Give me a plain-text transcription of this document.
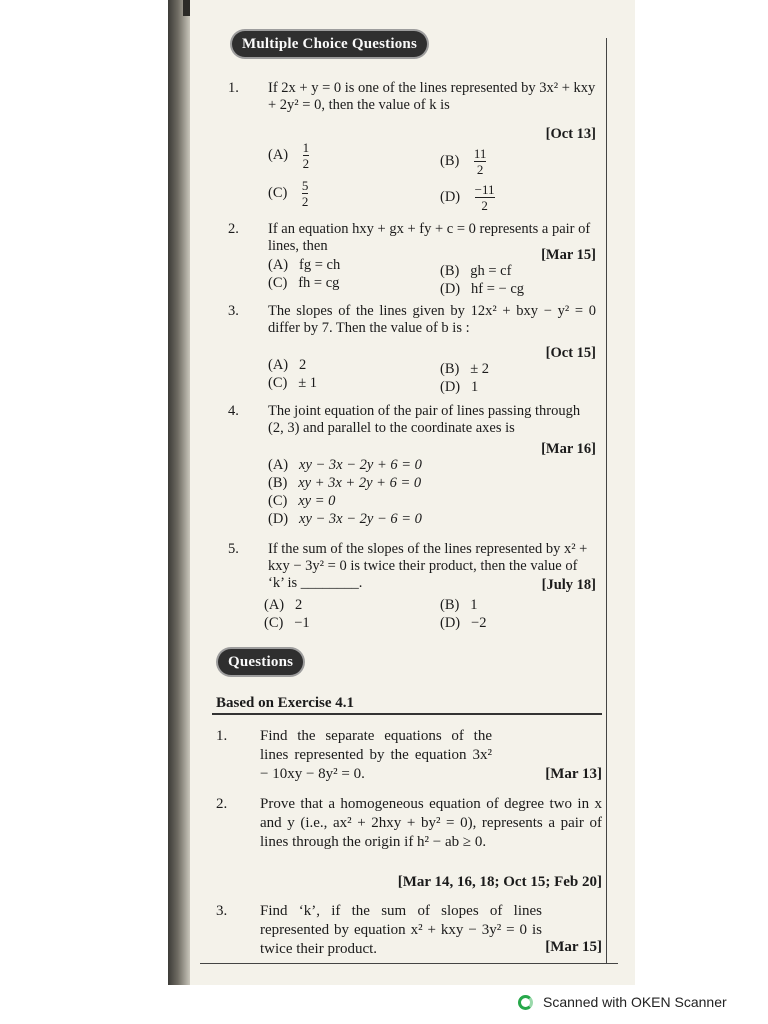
Multiple Choice Questions
1. If 2x + y = 0 is one of the lines represented by 3x² + kxy + 2y² = 0, then the value of k is
[Oct 13]
$(A) \frac{1}{2}$	$(B) \frac{11}{2}$
$(C) \frac{5}{2}$	$(D) \frac{-11}{2}$
2. If an equation hxy + gx + fy + c = 0 represents a pair of lines, then
[Mar 15]
(A) fg = ch	(B) gh = cf
(C) fh = cg	(D) hf = − cg
3. The slopes of the lines given by 12x² + bxy − y² = 0 differ by 7. Then the value of b is :
[Oct 15]
(A) 2	(B) ± 2
(C) ± 1	(D) 1
4. The joint equation of the pair of lines passing through (2, 3) and parallel to the coordinate axes is
[Mar 16]
(A) xy − 3x − 2y + 6 = 0
(B) xy + 3x + 2y + 6 = 0
(C) xy = 0
(D) xy − 3x − 2y − 6 = 0
5. If the sum of the slopes of the lines represented by x² + kxy − 3y² = 0 is twice their product, then the value of ‘k’ is ________.	[July 18]
(A) 2	(B) 1
(C) −1	(D) −2
Questions
Based on Exercise 4.1
1. Find the separate equations of the lines represented by the equation 3x² − 10xy − 8y² = 0.	[Mar 13]
2. Prove that a homogeneous equation of degree two in x and y (i.e., ax² + 2hxy + by² = 0), represents a pair of lines through the origin if h² − ab ≥ 0.
[Mar 14, 16, 18; Oct 15; Feb 20]
3. Find ‘k’, if the sum of slopes of lines represented by equation x² + kxy − 3y² = 0 is twice their product.	[Mar 15]
Scanned with OKEN Scanner
